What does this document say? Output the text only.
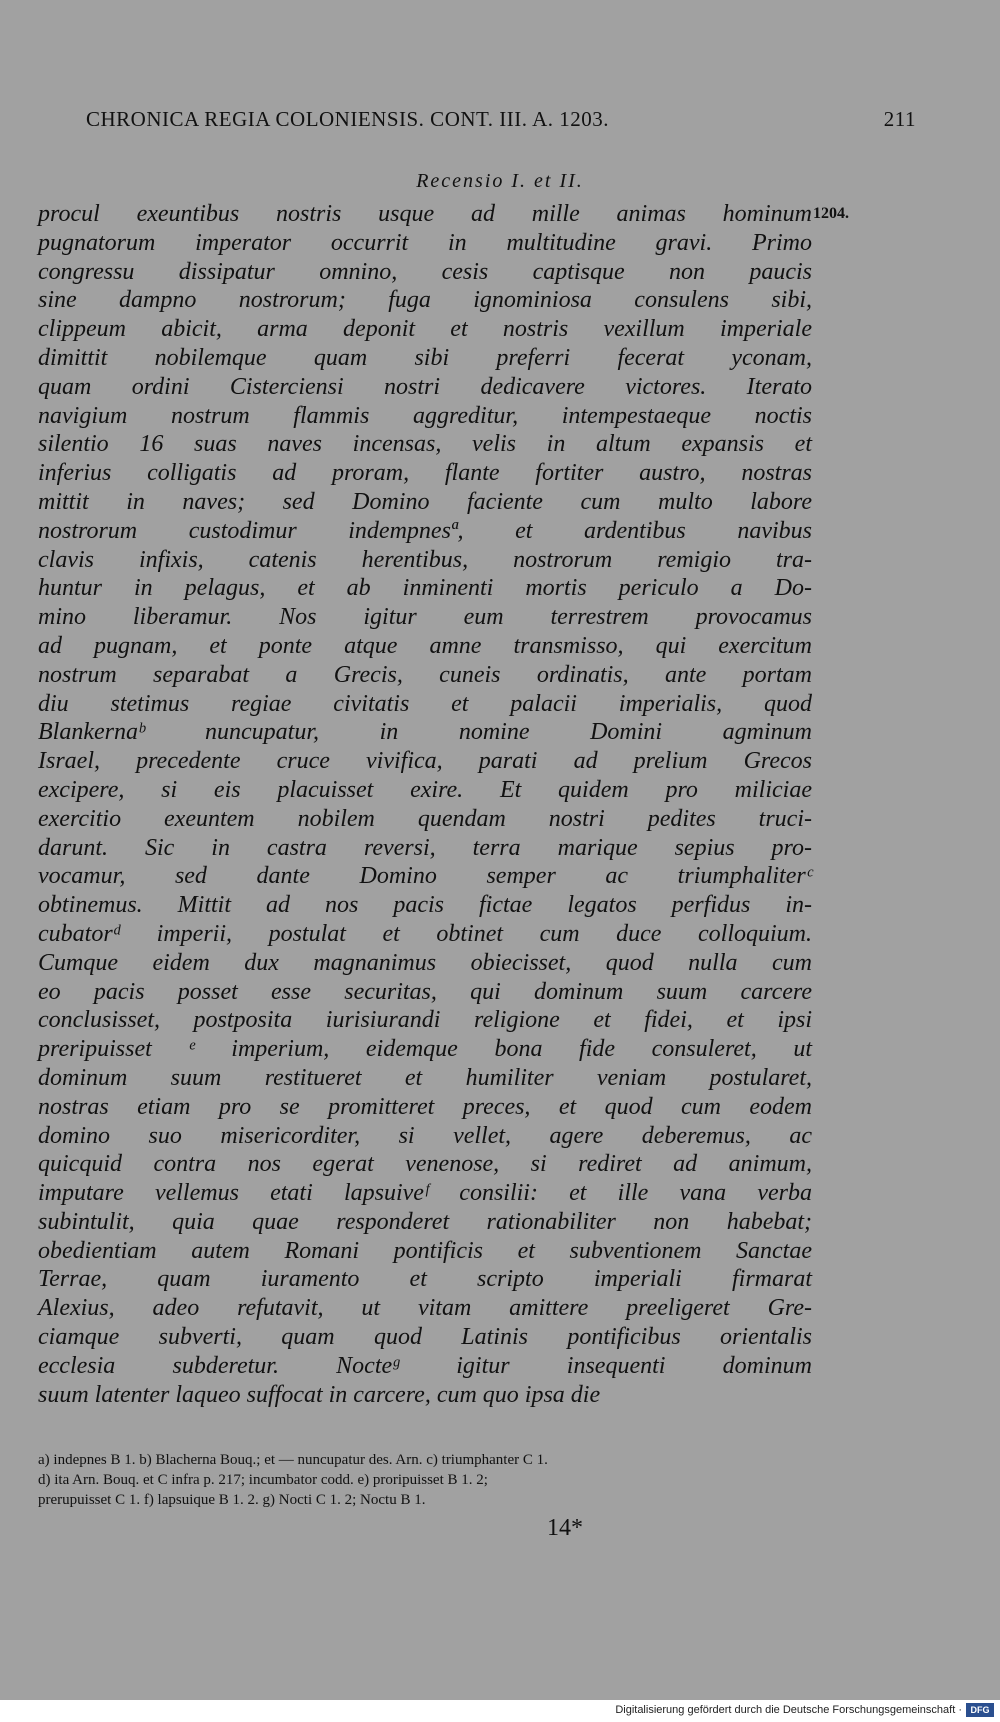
CHRONICA REGIA COLONIENSIS. CONT. III. A. 1203.	211
Recensio I. et II.
1204.
procul exeuntibus nostris usque ad mille animas hominum
pugnatorum imperator occurrit in multitudine gravi. Primo
congressu dissipatur omnino, cesis captisque non paucis
sine dampno nostrorum; fuga ignominiosa consulens sibi,
clippeum abicit, arma deponit et nostris vexillum imperiale
dimittit nobilemque quam sibi preferri fecerat yconam,
quam ordini Cisterciensi nostri dedicavere victores. Iterato
navigium nostrum flammis aggreditur, intempestaeque noctis
silentio 16 suas naves incensas, velis in altum expansis et
inferius colligatis ad proram, flante fortiter austro, nostras
mittit in naves; sed Domino faciente cum multo labore
nostrorum custodimur indempnesª, et ardentibus navibus
clavis infixis, catenis herentibus, nostrorum remigio tra-
huntur in pelagus, et ab inminenti mortis periculo a Do-
mino liberamur. Nos igitur eum terrestrem provocamus
ad pugnam, et ponte atque amne transmisso, qui exercitum
nostrum separabat a Grecis, cuneis ordinatis, ante portam
diu stetimus regiae civitatis et palacii imperialis, quod
Blankernaᵇ nuncupatur, in nomine Domini agminum
Israel, precedente cruce vivifica, parati ad prelium Grecos
excipere, si eis placuisset exire. Et quidem pro miliciae
exercitio exeuntem nobilem quendam nostri pedites truci-
darunt. Sic in castra reversi, terra marique sepius pro-
vocamur, sed dante Domino semper ac triumphaliterᶜ
obtinemus. Mittit ad nos pacis fictae legatos perfidus in-
cubatorᵈ imperii, postulat et obtinet cum duce colloquium.
Cumque eidem dux magnanimus obiecisset, quod nulla cum
eo pacis posset esse securitas, qui dominum suum carcere
conclusisset, postposita iurisiurandi religione et fidei, et ipsi
preripuisset ᵉ imperium, eidemque bona fide consuleret, ut
dominum suum restitueret et humiliter veniam postularet,
nostras etiam pro se promitteret preces, et quod cum eodem
domino suo misericorditer, si vellet, agere deberemus, ac
quicquid contra nos egerat venenose, si rediret ad animum,
imputare vellemus etati lapsuiveᶠ consilii: et ille vana verba
subintulit, quia quae responderet rationabiliter non habebat;
obedientiam autem Romani pontificis et subventionem Sanctae
Terrae, quam iuramento et scripto imperiali firmarat
Alexius, adeo refutavit, ut vitam amittere preeligeret Gre-
ciamque subverti, quam quod Latinis pontificibus orientalis
ecclesia subderetur. Nocteᵍ igitur insequenti dominum
suum latenter laqueo suffocat in carcere, cum quo ipsa die
a) indepnes B 1. b) Blacherna Bouq.; et — nuncupatur des. Arn. c) triumphanter C 1.
d) ita Arn. Bouq. et C infra p. 217; incumbator codd. e) proripuisset B 1. 2;
prerupuisset C 1. f) lapsuique B 1. 2. g) Nocti C 1. 2; Noctu B 1.
14*
Digitalisierung gefördert durch die Deutsche Forschungsgemeinschaft · DFG
